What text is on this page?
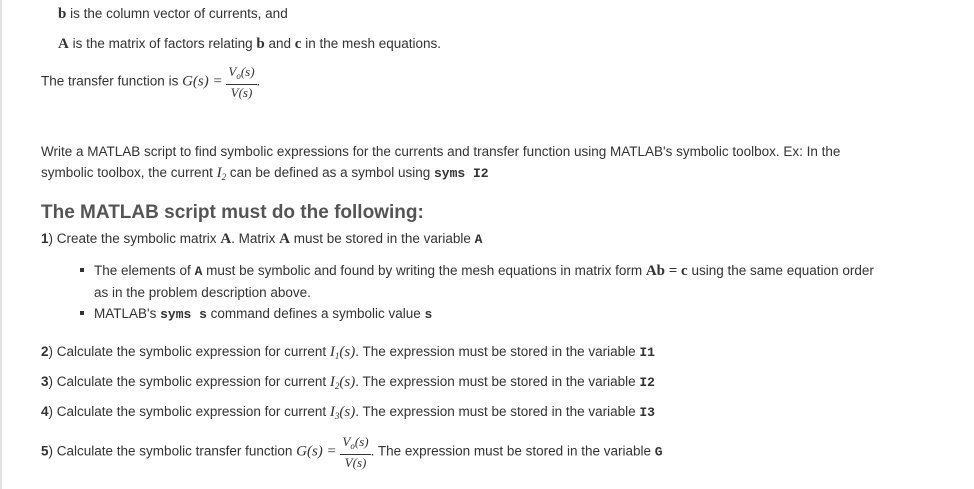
b is the column vector of currents, and
A is the matrix of factors relating b and c in the mesh equations.
The transfer function is $G(s) = \frac{V_o(s)}{V(s)}$ .
Write a MATLAB script to find symbolic expressions for the currents and transfer function using MATLAB's symbolic toolbox. Ex: In the
symbolic toolbox, the current $I_2$ can be defined as a symbol using syms I2
The MATLAB script must do the following:
1) Create the symbolic matrix A. Matrix A must be stored in the variable A
The elements of A must be symbolic and found by writing the mesh equations in matrix form Ab = c using the same equation order
as in the problem description above.
MATLAB's syms s command defines a symbolic value s
2) Calculate the symbolic expression for current $I_1(s)$. The expression must be stored in the variable I1
3) Calculate the symbolic expression for current $I_2(s)$. The expression must be stored in the variable I2
4) Calculate the symbolic expression for current $I_3(s)$. The expression must be stored in the variable I3
5) Calculate the symbolic transfer function $G(s) = \frac{V_o(s)}{V(s)}$ . The expression must be stored in the variable G
